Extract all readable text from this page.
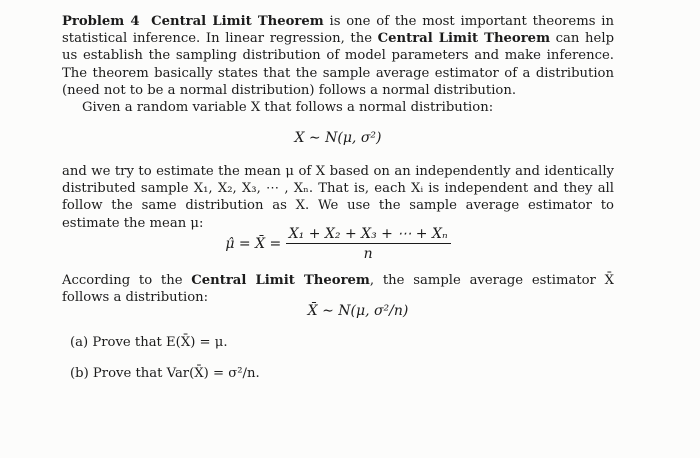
Problem 4 Central Limit Theorem is one of the most important theorems in statistical inference. In linear regression, the Central Limit Theorem can help us establish the sampling distribution of model parameters and make inference. The theorem basically states that the sample average estimator of a distribution (need not to be a normal distribution) follows a normal distribution.
Given a random variable X that follows a normal distribution:
X ∼ N(μ, σ²)
and we try to estimate the mean μ of X based on an independently and identically distributed sample X₁, X₂, X₃, ⋯ , Xₙ. That is, each Xᵢ is independent and they all follow the same distribution as X. We use the sample average estimator to estimate the mean μ:
μ̂ = X̄ = $\frac{\text{X₁ + X₂ + X₃ + ⋯ + Xₙ}}{n}$
According to the Central Limit Theorem, the sample average estimator X̄ follows a distribution:
X̄ ∼ N(μ, σ²/n)
(a) Prove that E(X̄) = μ.
(b) Prove that Var(X̄) = σ²/n.
